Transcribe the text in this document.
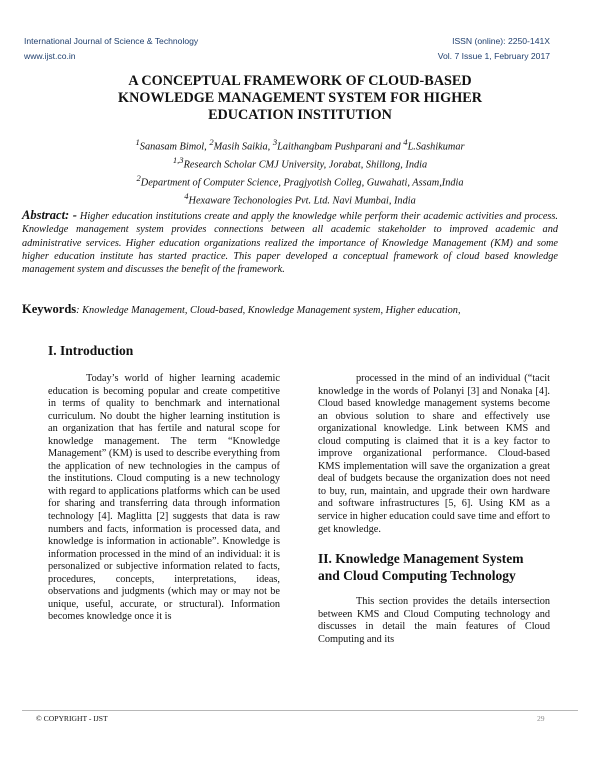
International Journal of Science & Technology
www.ijst.co.in
ISSN (online): 2250-141X
Vol. 7 Issue 1, February 2017
A CONCEPTUAL FRAMEWORK OF CLOUD-BASED
KNOWLEDGE MANAGEMENT SYSTEM FOR HIGHER
EDUCATION INSTITUTION
$^1$Sanasam Bimol, $^2$Masih Saikia, $^3$Laithangbam Pushparani and $^4$L.Sashikumar
$^{1,3}$Research Scholar CMJ University, Jorabat, Shillong, India
$^2$Department of Computer Science, Pragjyotish Colleg, Guwahati, Assam,India
$^4$Hexaware Techonologies Pvt. Ltd. Navi Mumbai, India

Abstract: - Higher education institutions create and apply the knowledge while perform their academic activities and process. Knowledge management system provides connections between all academic stakeholder to improved academic and administrative services. Higher education organizations realized the importance of Knowledge Management (KM) and some higher education institute has started practice. This paper developed a conceptual framework of cloud based knowledge management system and discusses the benefit of the framework.

Keywords: Knowledge Management, Cloud-based, Knowledge Management system, Higher education,
I. Introduction

Today’s world of higher learning academic education is becoming popular and create competitive in terms of quality to benchmark and international curriculum. No doubt the higher learning institution is an organization that has fertile and natural scope for knowledge management. The term “Knowledge Management” (KM) is used to describe everything from the application of new technologies in the campus of the institutions. Cloud computing is a new technology with regard to applications platforms which can be used for sharing and transferring data through information technology [4]. Maglitta [2] suggests that data is raw numbers and facts, information is processed data, and knowledge is information in actionable”. Knowledge is information processed in the mind of an individual: it is personalized or subjective information related to facts, procedures, concepts, interpretations, ideas, observations and judgments (which may or may not be unique, useful, accurate, or structural). Information becomes knowledge once it is

processed in the mind of an individual (“tacit knowledge in the words of Polanyi [3] and Nonaka [4]. Cloud based knowledge management systems become an obvious solution to share and effectively use organizational knowledge. Link between KMS and cloud computing is claimed that it is a key factor to improve organizational performance. Cloud-based KMS implementation will save the organization a great deal of budgets because the organization does not need to buy, run, maintain, and upgrade their own hardware and software infrastructures [5, 6]. Using KM as a service in higher education could save time and effort to get knowledge.

II. Knowledge Management System
and Cloud Computing Technology

This section provides the details intersection between KMS and Cloud Computing technology and discusses in detail the main features of Cloud Computing and its

© COPYRIGHT - IJST	29
